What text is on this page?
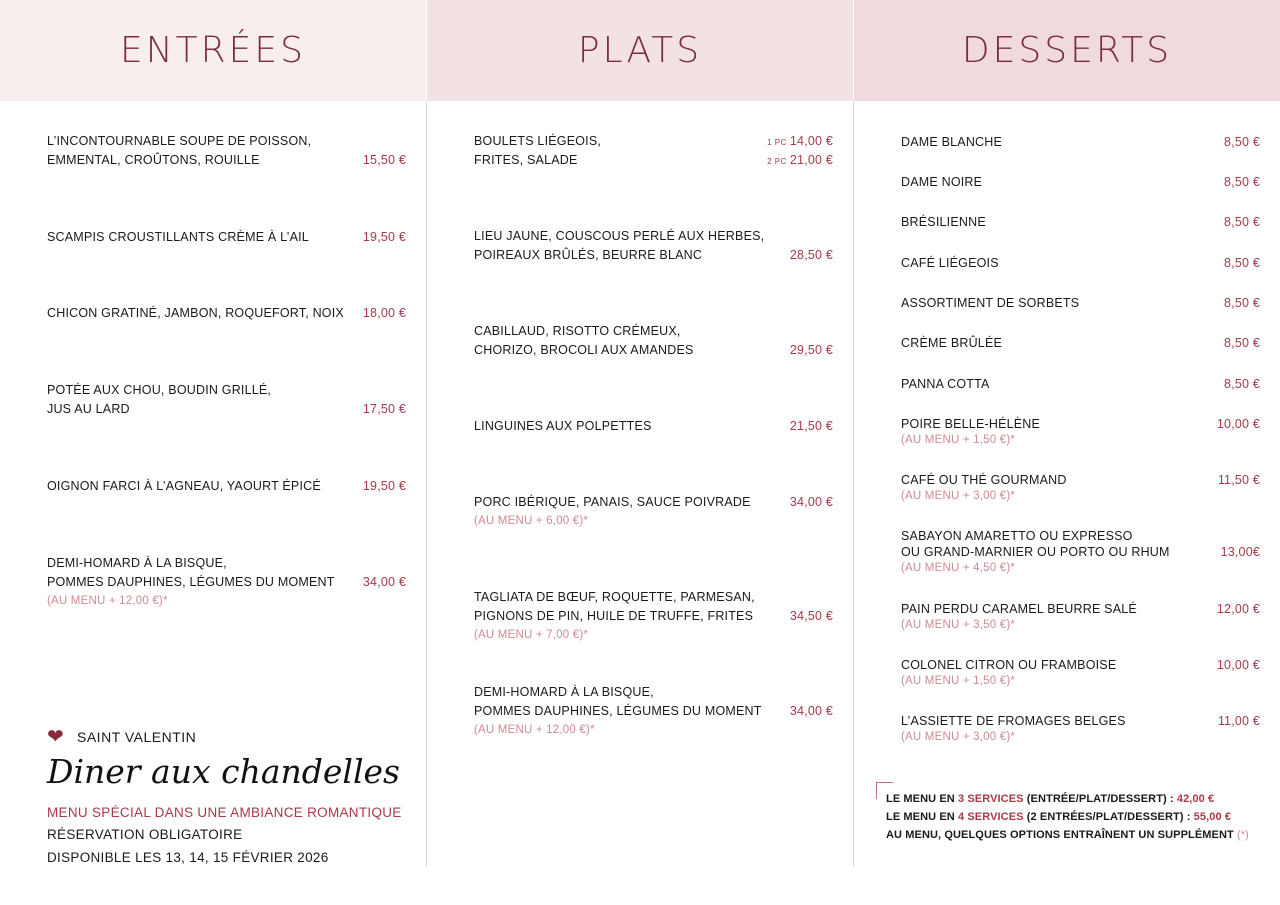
ENTRÉES
L’INCONTOURNABLE SOUPE DE POISSON,
EMMENTAL, CROÛTONS, ROUILLE	15,50 €
SCAMPIS CROUSTILLANTS CRÈME À L’AIL	19,50 €
CHICON GRATINÉ, JAMBON, ROQUEFORT, NOIX	18,00 €
POTÉE AUX CHOU, BOUDIN GRILLÉ,
JUS AU LARD	17,50 €
OIGNON FARCI À L’AGNEAU, YAOURT ÉPICÉ	19,50 €
DEMI-HOMARD À LA BISQUE,
POMMES DAUPHINES, LÉGUMES DU MOMENT
(AU MENU + 12,00 €)*
34,00 €
❤ SAINT VALENTIN
Diner aux chandelles
MENU SPÉCIAL DANS UNE AMBIANCE ROMANTIQUE
RÉSERVATION OBLIGATOIRE
DISPONIBLE LES 13, 14, 15 FÉVRIER 2026
PLATS
BOULETS LIÉGEOIS,
FRITES, SALADE
1 PC 14,00 €
2 PC 21,00 €
LIEU JAUNE, COUSCOUS PERLÉ AUX HERBES,
POIREAUX BRÛLÉS, BEURRE BLANC	28,50 €
CABILLAUD, RISOTTO CRÉMEUX,
CHORIZO, BROCOLI AUX AMANDES	29,50 €
LINGUINES AUX POLPETTES	21,50 €
PORC IBÉRIQUE, PANAIS, SAUCE POIVRADE
(AU MENU + 6,00 €)*
34,00 €
TAGLIATA DE BŒUF, ROQUETTE, PARMESAN,
PIGNONS DE PIN, HUILE DE TRUFFE, FRITES
(AU MENU + 7,00 €)*
34,50 €
DEMI-HOMARD À LA BISQUE,
POMMES DAUPHINES, LÉGUMES DU MOMENT
(AU MENU + 12,00 €)*
34,00 €
DESSERTS
DAME BLANCHE	8,50 €
DAME NOIRE	8,50 €
BRÉSILIENNE	8,50 €
CAFÉ LIÉGEOIS	8,50 €
ASSORTIMENT DE SORBETS	8,50 €
CRÈME BRÛLÉE	8,50 €
PANNA COTTA	8,50 €
POIRE BELLE-HÉLÈNE
(AU MENU + 1,50 €)*
10,00 €
CAFÉ OU THÉ GOURMAND
(AU MENU + 3,00 €)*
11,50 €
SABAYON AMARETTO OU EXPRESSO
OU GRAND-MARNIER OU PORTO OU RHUM
(AU MENU + 4,50 €)*
13,00€
PAIN PERDU CARAMEL BEURRE SALÉ
(AU MENU + 3,50 €)*
12,00 €
COLONEL CITRON OU FRAMBOISE
(AU MENU + 1,50 €)*
10,00 €
L’ASSIETTE DE FROMAGES BELGES
(AU MENU + 3,00 €)*
11,00 €
LE MENU EN 3 SERVICES (ENTRÉE/PLAT/DESSERT) : 42,00 €
LE MENU EN 4 SERVICES (2 ENTRÉES/PLAT/DESSERT) : 55,00 €
AU MENU, QUELQUES OPTIONS ENTRAÎNENT UN SUPPLÉMENT (*)
